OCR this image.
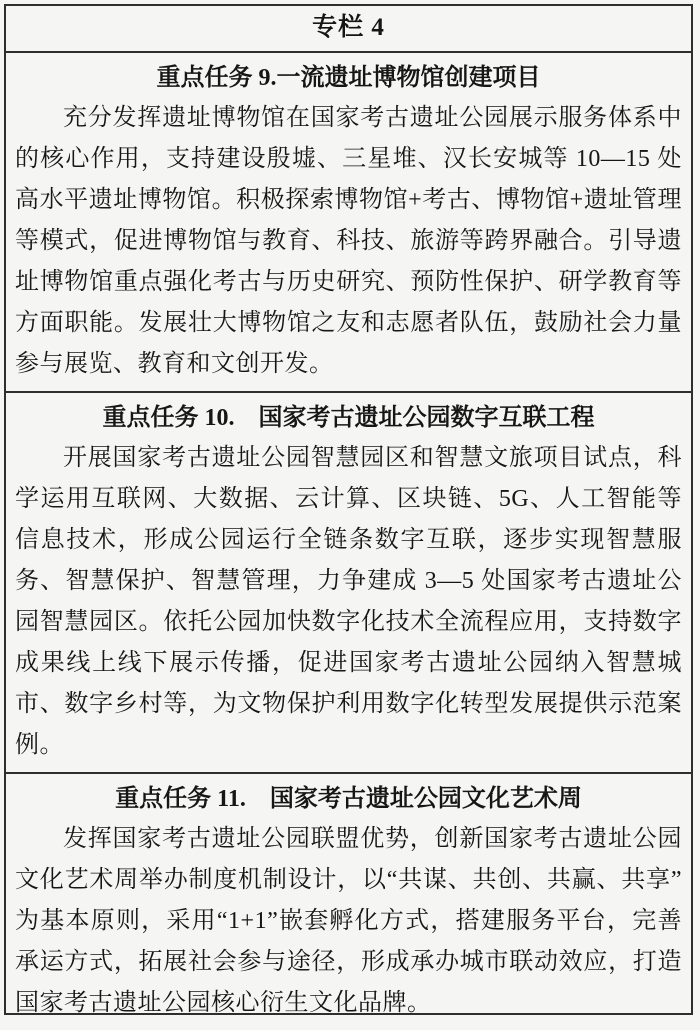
专栏 4
重点任务 9.一流遗址博物馆创建项目

充分发挥遗址博物馆在国家考古遗址公园展示服务体系中的核心作用，支持建设殷墟、三星堆、汉长安城等 10—15 处高水平遗址博物馆。积极探索博物馆+考古、博物馆+遗址管理等模式，促进博物馆与教育、科技、旅游等跨界融合。引导遗址博物馆重点强化考古与历史研究、预防性保护、研学教育等方面职能。发展壮大博物馆之友和志愿者队伍，鼓励社会力量参与展览、教育和文创开发。

重点任务 10.　国家考古遗址公园数字互联工程

开展国家考古遗址公园智慧园区和智慧文旅项目试点，科学运用互联网、大数据、云计算、区块链、5G、人工智能等信息技术，形成公园运行全链条数字互联，逐步实现智慧服务、智慧保护、智慧管理，力争建成 3—5 处国家考古遗址公园智慧园区。依托公园加快数字化技术全流程应用，支持数字成果线上线下展示传播，促进国家考古遗址公园纳入智慧城市、数字乡村等，为文物保护利用数字化转型发展提供示范案例。

重点任务 11.　国家考古遗址公园文化艺术周

发挥国家考古遗址公园联盟优势，创新国家考古遗址公园文化艺术周举办制度机制设计，以“共谋、共创、共赢、共享”为基本原则，采用“1+1”嵌套孵化方式，搭建服务平台，完善承运方式，拓展社会参与途径，形成承办城市联动效应，打造国家考古遗址公园核心衍生文化品牌。
